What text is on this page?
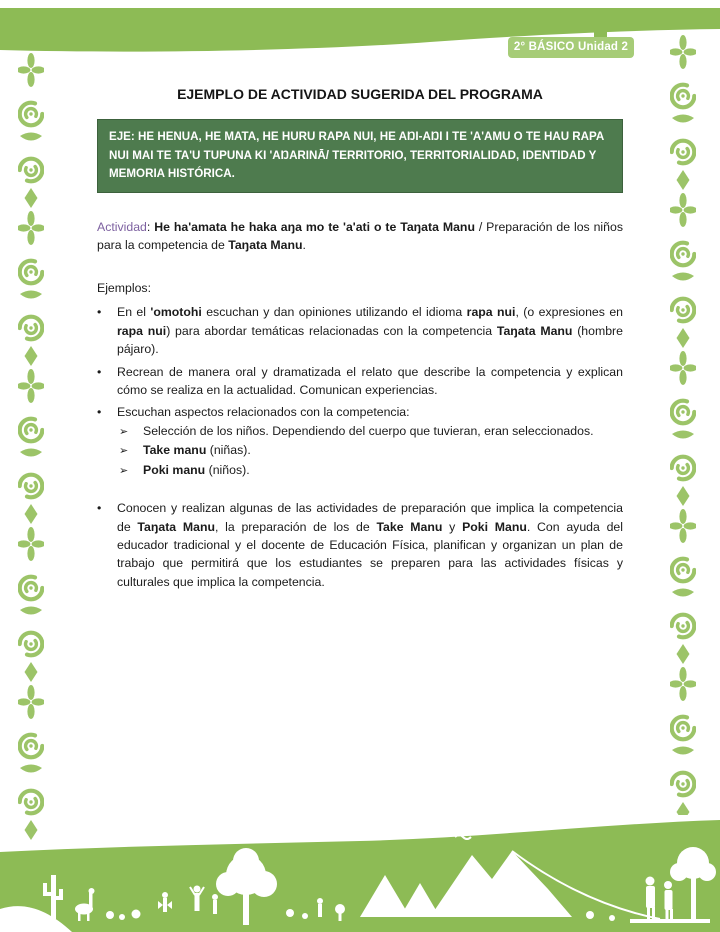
2° BÁSICO Unidad 2
EJEMPLO DE ACTIVIDAD SUGERIDA DEL PROGRAMA
EJE: HE HENUA, HE MATA, HE HURU RAPA NUI, HE AŊI-AŊI I TE 'A'AMU O TE HAU RAPA NUI MAI TE TA'U TUPUNA KI 'AŊARINĀ/ TERRITORIO, TERRITORIALIDAD, IDENTIDAD Y MEMORIA HISTÓRICA.

Actividad: He ha'amata he haka aŋa mo te 'a'ati o te Taŋata Manu / Preparación de los niños para la competencia de Taŋata Manu.

Ejemplos:
•	En el 'omotohi escuchan y dan opiniones utilizando el idioma rapa nui, (o expresiones en rapa nui) para abordar temáticas relacionadas con la competencia Taŋata Manu (hombre pájaro).
•	Recrean de manera oral y dramatizada el relato que describe la competencia y explican cómo se realiza en la actualidad. Comunican experiencias.
•	Escuchan aspectos relacionados con la competencia:
➢	Selección de los niños. Dependiendo del cuerpo que tuvieran, eran seleccionados.
➢	Take manu (niñas).
➢	Poki manu (niños).
•	Conocen y realizan algunas de las actividades de preparación que implica la competencia de Taŋata Manu, la preparación de los de Take Manu y Poki Manu. Con ayuda del educador tradicional y el docente de Educación Física, planifican y organizan un plan de trabajo que permitirá que los estudiantes se preparen para las actividades físicas y culturales que implica la competencia.
